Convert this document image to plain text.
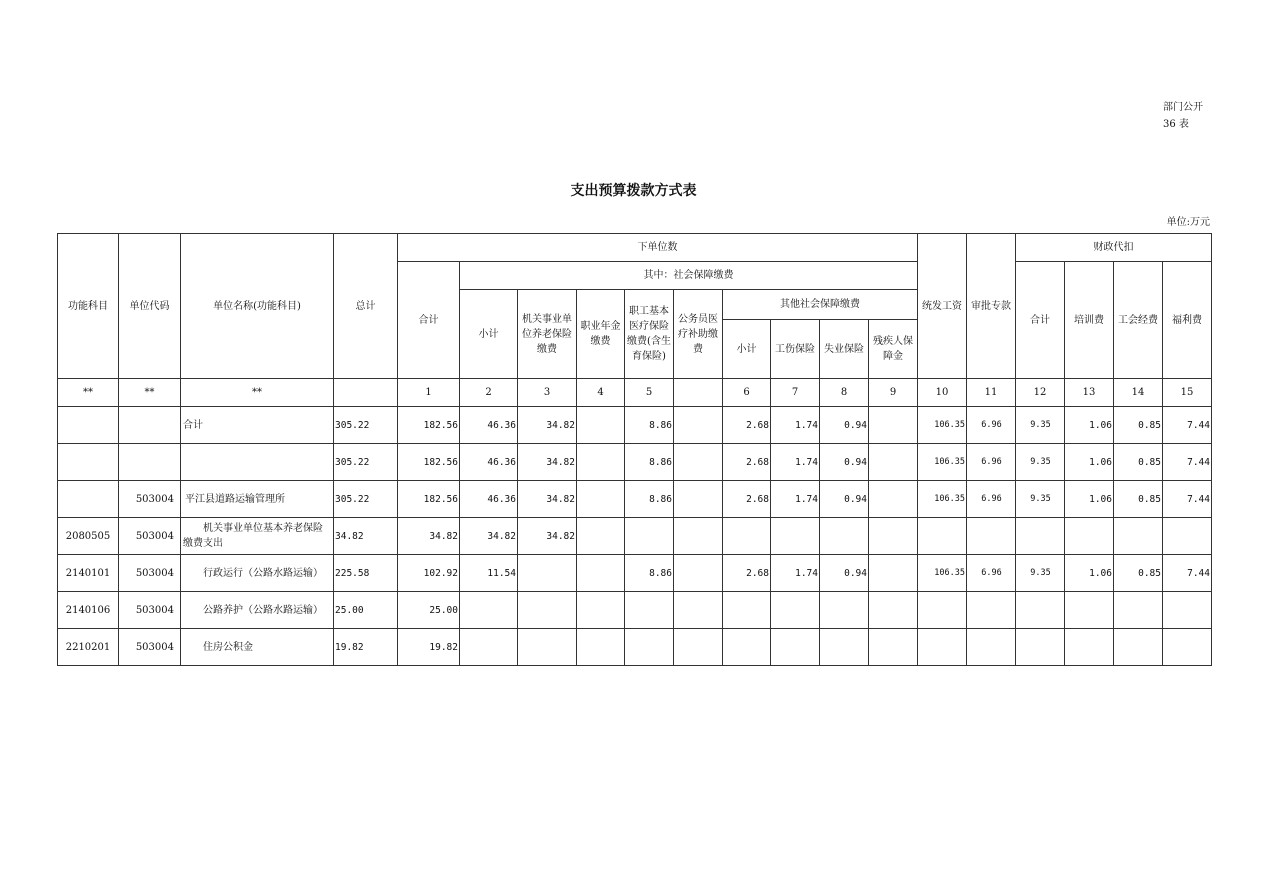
部门公开
36 表
支出预算拨款方式表
单位:万元
功能科目	单位代码	单位名称(功能科目)	总计	下单位数										统发工资	审批专款	财政代扣			
				合计	其中：社会保障缴费											合计	培训费	工会经费	福利费
					小计	机关事业单位养老保险缴费	职业年金缴费	职工基本医疗保险缴费(含生育保险)	公务员医疗补助缴费	其他社会保障缴费									
										小计	工伤保险	失业保险	残疾人保障金						
**	**	**		1	2	3	4	5		6	7	8	9	10	11	12	13	14	15
		合计	305.22	182.56	46.36	34.82		8.86		2.68	1.74	0.94		106.35	6.96	9.35	1.06	0.85	7.44
			305.22	182.56	46.36	34.82		8.86		2.68	1.74	0.94		106.35	6.96	9.35	1.06	0.85	7.44
	503004	平江县道路运输管理所	305.22	182.56	46.36	34.82		8.86		2.68	1.74	0.94		106.35	6.96	9.35	1.06	0.85	7.44
2080505	503004	机关事业单位基本养老保险缴费支出	34.82	34.82	34.82	34.82													
2140101	503004	行政运行（公路水路运输）	225.58	102.92	11.54			8.86		2.68	1.74	0.94		106.35	6.96	9.35	1.06	0.85	7.44
2140106	503004	公路养护（公路水路运输）	25.00	25.00															
2210201	503004	住房公积金	19.82	19.82															
